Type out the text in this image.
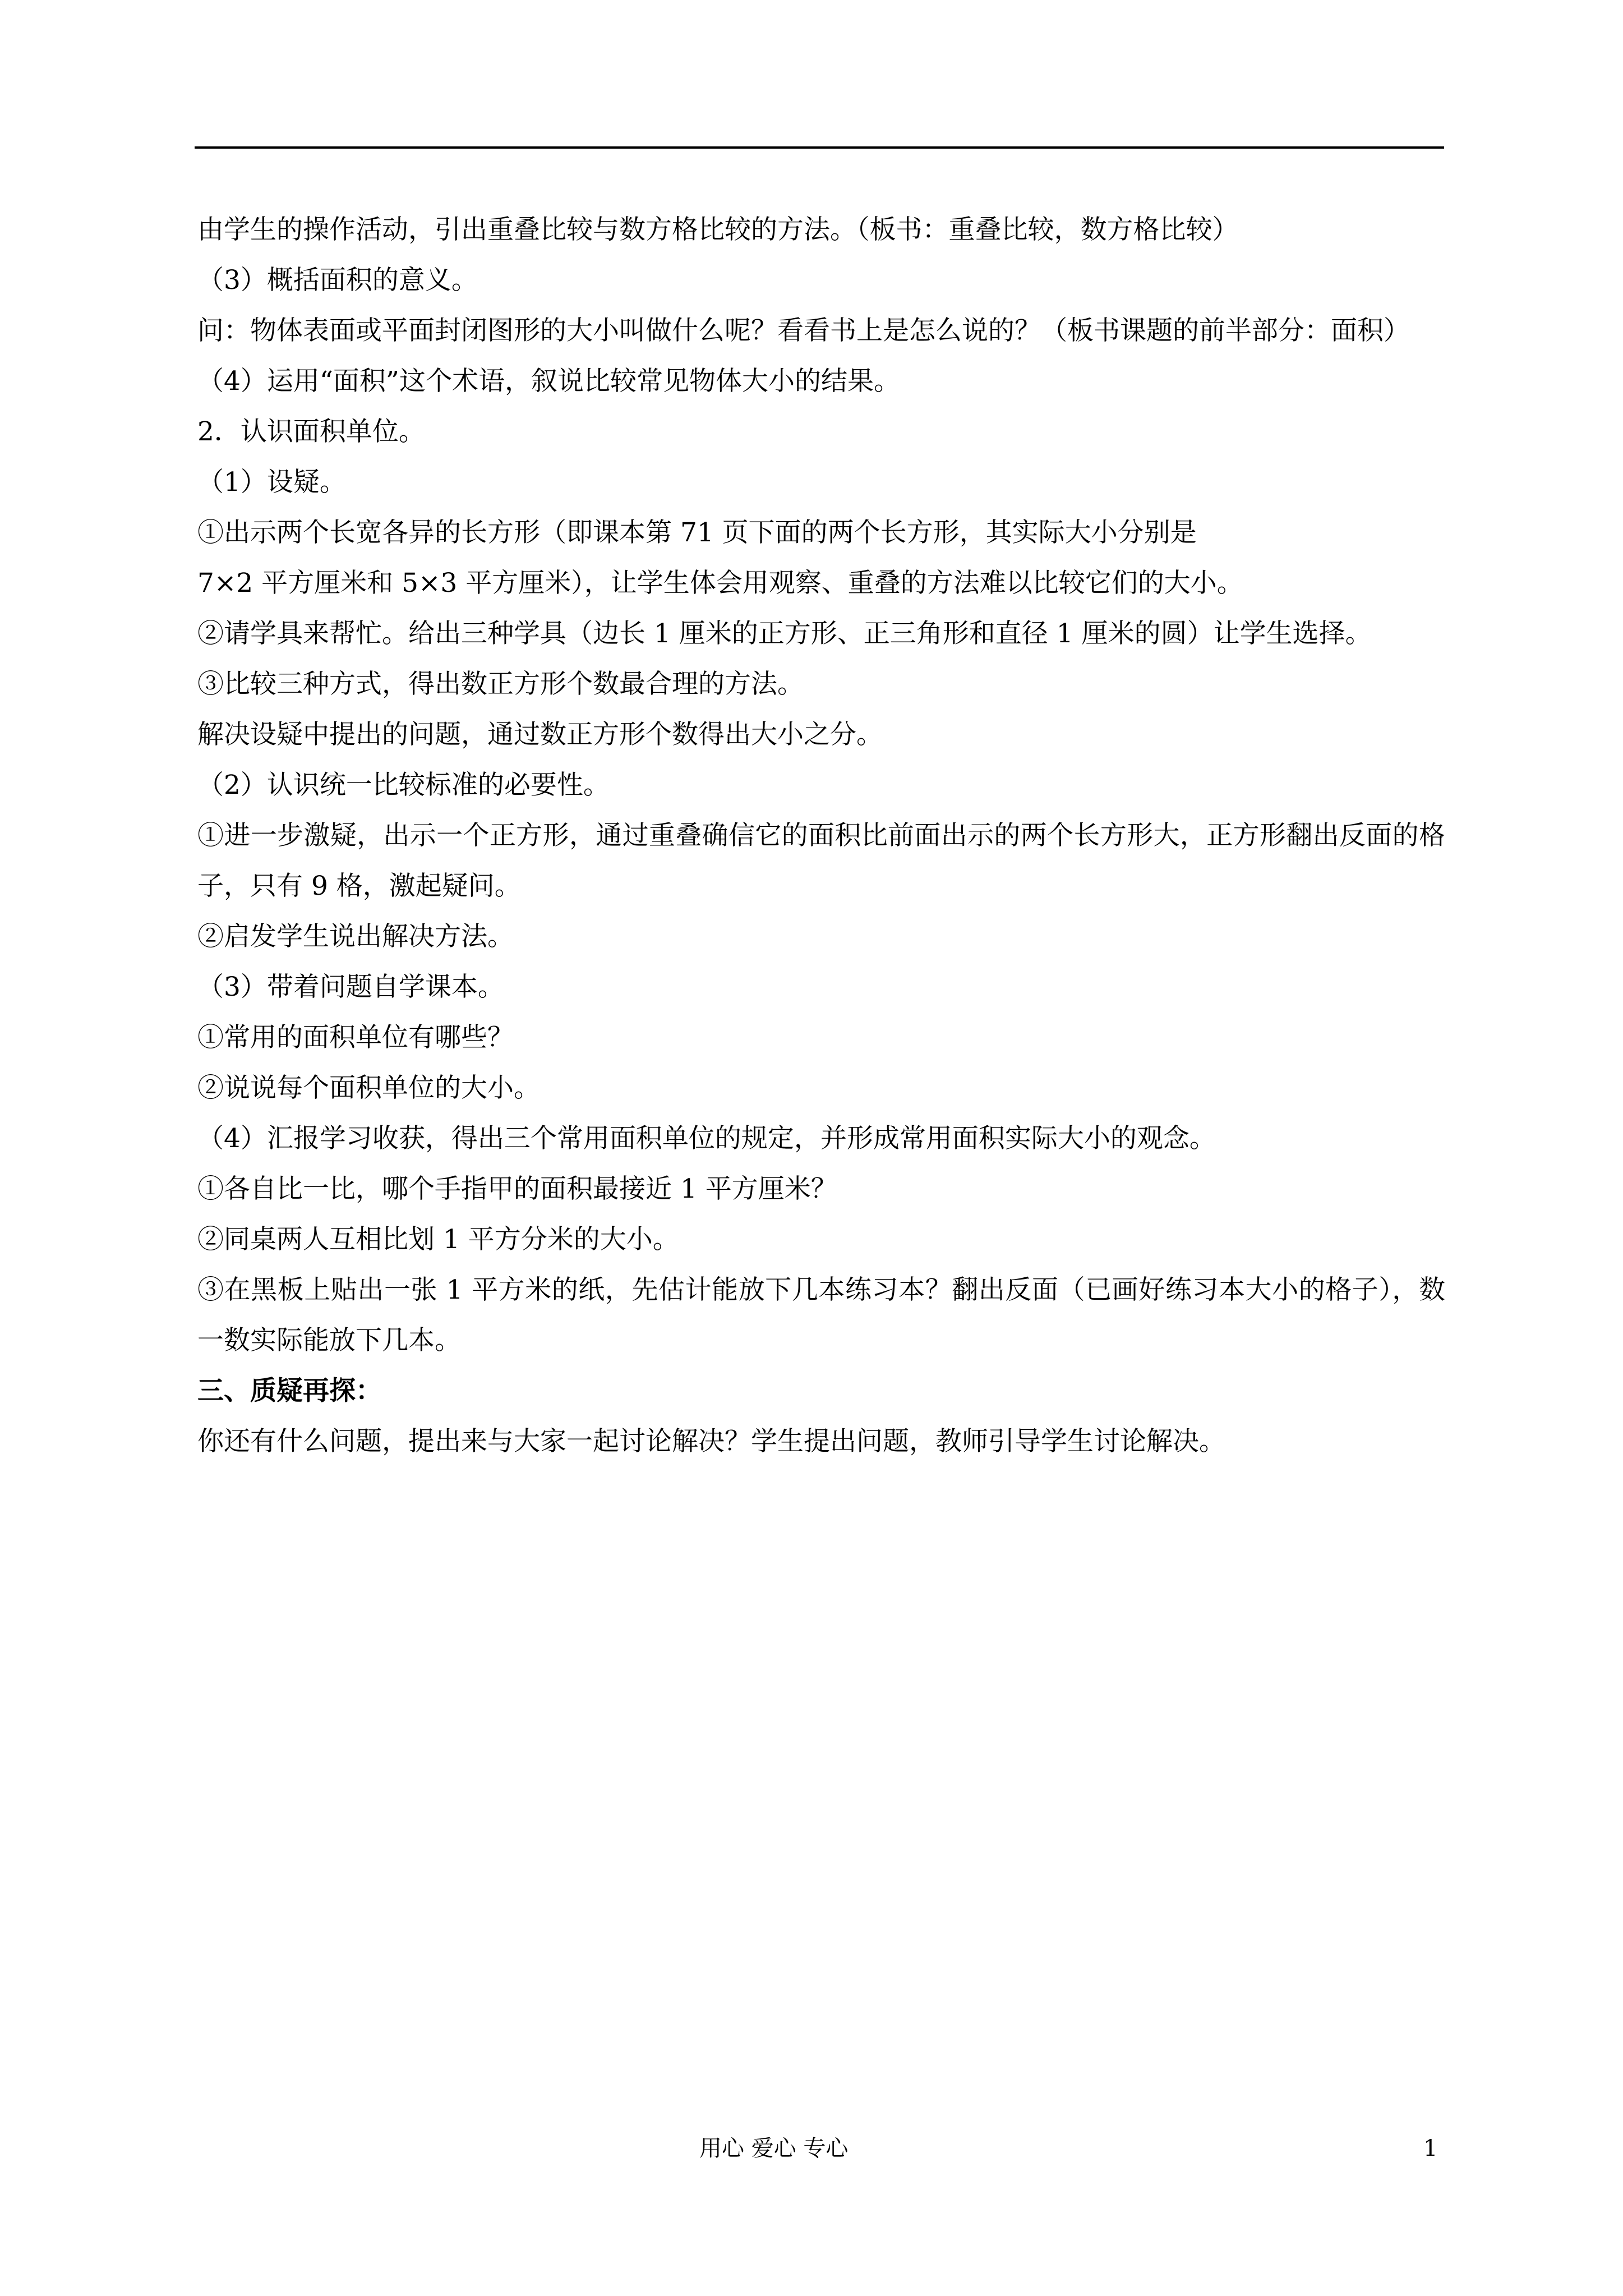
由学生的操作活动，引出重叠比较与数方格比较的方法。（板书：重叠比较，数方格比较）

（3）概括面积的意义。

问：物体表面或平面封闭图形的大小叫做什么呢？看看书上是怎么说的？（板书课题的前半部分：面积）

（4）运用“面积”这个术语，叙说比较常见物体大小的结果。

2．认识面积单位。

（1）设疑。

①出示两个长宽各异的长方形（即课本第 71 页下面的两个长方形，其实际大小分别是

7×2 平方厘米和 5×3 平方厘米），让学生体会用观察、重叠的方法难以比较它们的大小。

②请学具来帮忙。给出三种学具（边长 1 厘米的正方形、正三角形和直径 1 厘米的圆）让学生选择。

③比较三种方式，得出数正方形个数最合理的方法。

解决设疑中提出的问题，通过数正方形个数得出大小之分。

（2）认识统一比较标准的必要性。

①进一步激疑，出示一个正方形，通过重叠确信它的面积比前面出示的两个长方形大，正方形翻出反面的格子，只有 9 格，激起疑问。

②启发学生说出解决方法。

（3）带着问题自学课本。

①常用的面积单位有哪些？

②说说每个面积单位的大小。

（4）汇报学习收获，得出三个常用面积单位的规定，并形成常用面积实际大小的观念。

①各自比一比，哪个手指甲的面积最接近 1 平方厘米？

②同桌两人互相比划 1 平方分米的大小。

③在黑板上贴出一张 1 平方米的纸，先估计能放下几本练习本？翻出反面（已画好练习本大小的格子），数一数实际能放下几本。

三、质疑再探：

你还有什么问题，提出来与大家一起讨论解决？学生提出问题，教师引导学生讨论解决。

用心 爱心 专心	1
